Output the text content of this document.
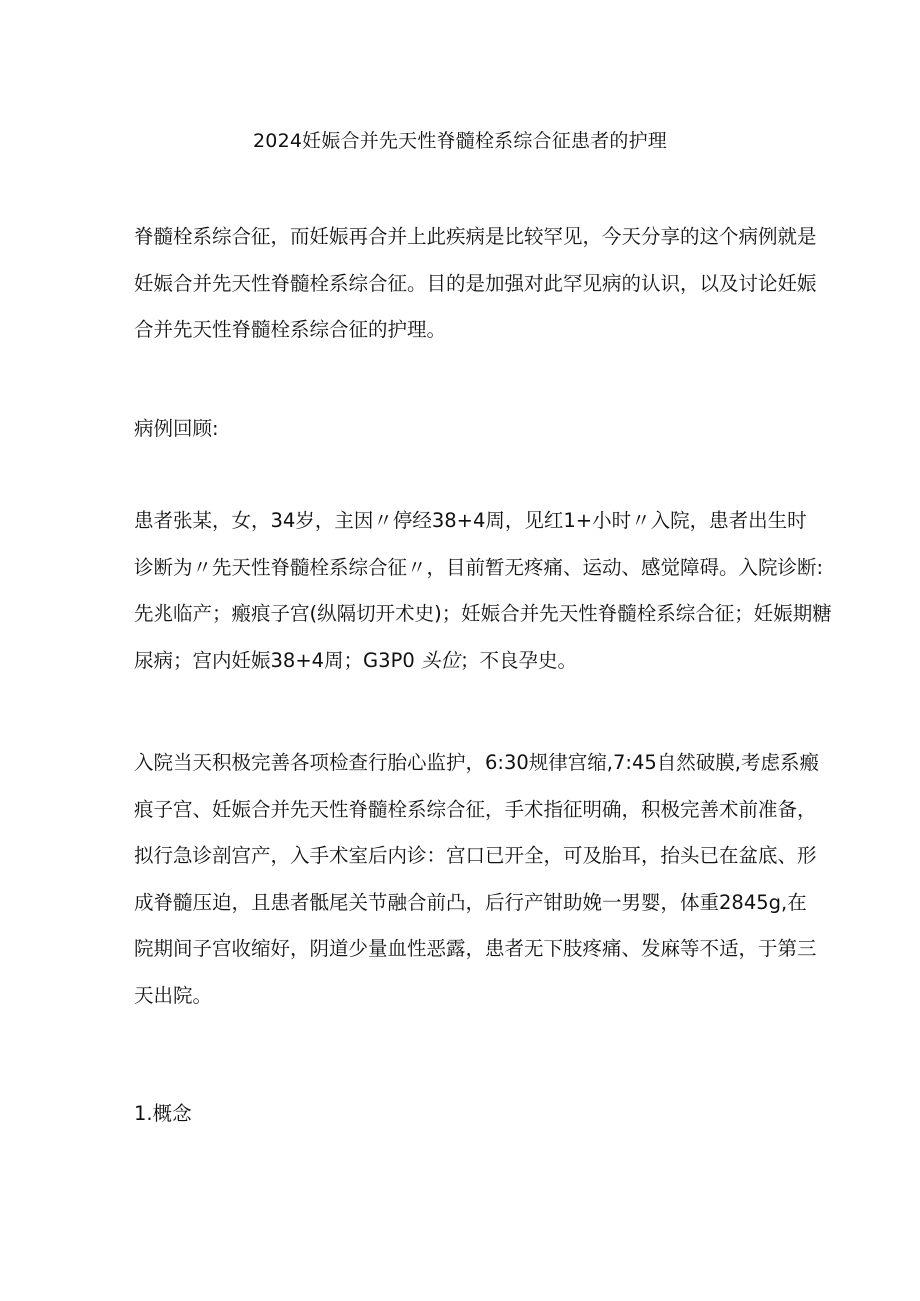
2024妊娠合并先天性脊髓栓系综合征患者的护理

脊髓栓系综合征，而妊娠再合并上此疾病是比较罕见，今天分享的这个病例就是
妊娠合并先天性脊髓栓系综合征。目的是加强对此罕见病的认识，以及讨论妊娠
合并先天性脊髓栓系综合征的护理。

病例回顾:

患者张某，女，34岁，主因〃停经38+4周，见红1+小时〃入院，患者出生时
诊断为〃先天性脊髓栓系综合征〃，目前暂无疼痛、运动、感觉障碍。入院诊断:
先兆临产；瘢痕子宫(纵隔切开术史)；妊娠合并先天性脊髓栓系综合征；妊娠期糖
尿病；宫内妊娠38+4周；G3P0 头位；不良孕史。

入院当天积极完善各项检查行胎心监护，6:30规律宫缩,7:45自然破膜,考虑系瘢
痕子宫、妊娠合并先天性脊髓栓系综合征，手术指征明确，积极完善术前准备，
拟行急诊剖宫产，入手术室后内诊：宫口已开全，可及胎耳，抬头已在盆底、形
成脊髓压迫，且患者骶尾关节融合前凸，后行产钳助娩一男婴，体重2845g,在
院期间子宫收缩好，阴道少量血性恶露，患者无下肢疼痛、发麻等不适，于第三
天出院。

1.概念
